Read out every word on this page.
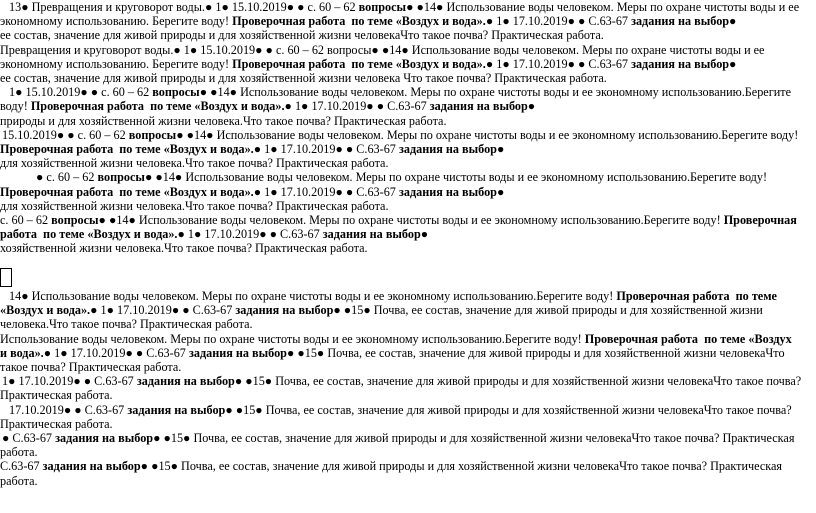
13● Превращения и круговорот воды.● 1● 15.10.2019● ● с. 60 – 62 вопросы● ●14● Использование воды человеком. Меры по охране чистоты воды и ее
экономному использованию. Берегите воду! Проверочная работа  по теме «Воздух и вода».● 1● 17.10.2019● ● С.63-67 задания на выбор●
ее состав, значение для живой природы и для хозяйственной жизни человекаЧто такое почва? Практическая работа.
Превращения и круговорот воды.● 1● 15.10.2019● ● с. 60 – 62 вопросы● ●14● Использование воды человеком. Меры по охране чистоты воды и ее
экономному использованию. Берегите воду! Проверочная работа  по теме «Воздух и вода».● 1● 17.10.2019● ● С.63-67 задания на выбор●
ее состав, значение для живой природы и для хозяйственной жизни человека Что такое почва? Практическая работа.
1● 15.10.2019● ● с. 60 – 62 вопросы● ●14● Использование воды человеком. Меры по охране чистоты воды и ее экономному использованию.Берегите
воду! Проверочная работа  по теме «Воздух и вода».● 1● 17.10.2019● ● С.63-67 задания на выбор●
природы и для хозяйственной жизни человека.Что такое почва? Практическая работа.
15.10.2019● ● с. 60 – 62 вопросы● ●14● Использование воды человеком. Меры по охране чистоты воды и ее экономному использованию.Берегите воду!
Проверочная работа  по теме «Воздух и вода».● 1● 17.10.2019● ● С.63-67 задания на выбор●
для хозяйственной жизни человека.Что такое почва? Практическая работа.
● с. 60 – 62 вопросы● ●14● Использование воды человеком. Меры по охране чистоты воды и ее экономному использованию.Берегите воду!
Проверочная работа  по теме «Воздух и вода».● 1● 17.10.2019● ● С.63-67 задания на выбор●
для хозяйственной жизни человека.Что такое почва? Практическая работа.
с. 60 – 62 вопросы● ●14● Использование воды человеком. Меры по охране чистоты воды и ее экономному использованию.Берегите воду! Проверочная
работа  по теме «Воздух и вода».● 1● 17.10.2019● ● С.63-67 задания на выбор●
хозяйственной жизни человека.Что такое почва? Практическая работа.
14● Использование воды человеком. Меры по охране чистоты воды и ее экономному использованию.Берегите воду! Проверочная работа  по теме
«Воздух и вода».● 1● 17.10.2019● ● С.63-67 задания на выбор● ●15● Почва, ее состав, значение для живой природы и для хозяйственной жизни
человека.Что такое почва? Практическая работа.
Использование воды человеком. Меры по охране чистоты воды и ее экономному использованию.Берегите воду! Проверочная работа  по теме «Воздух
и вода».● 1● 17.10.2019● ● С.63-67 задания на выбор● ●15● Почва, ее состав, значение для живой природы и для хозяйственной жизни человекаЧто
такое почва? Практическая работа.
1● 17.10.2019● ● С.63-67 задания на выбор● ●15● Почва, ее состав, значение для живой природы и для хозяйственной жизни человекаЧто такое почва?
Практическая работа.
17.10.2019● ● С.63-67 задания на выбор● ●15● Почва, ее состав, значение для живой природы и для хозяйственной жизни человекаЧто такое почва?
Практическая работа.
● С.63-67 задания на выбор● ●15● Почва, ее состав, значение для живой природы и для хозяйственной жизни человекаЧто такое почва? Практическая
работа.
С.63-67 задания на выбор● ●15● Почва, ее состав, значение для живой природы и для хозяйственной жизни человекаЧто такое почва? Практическая
работа.
